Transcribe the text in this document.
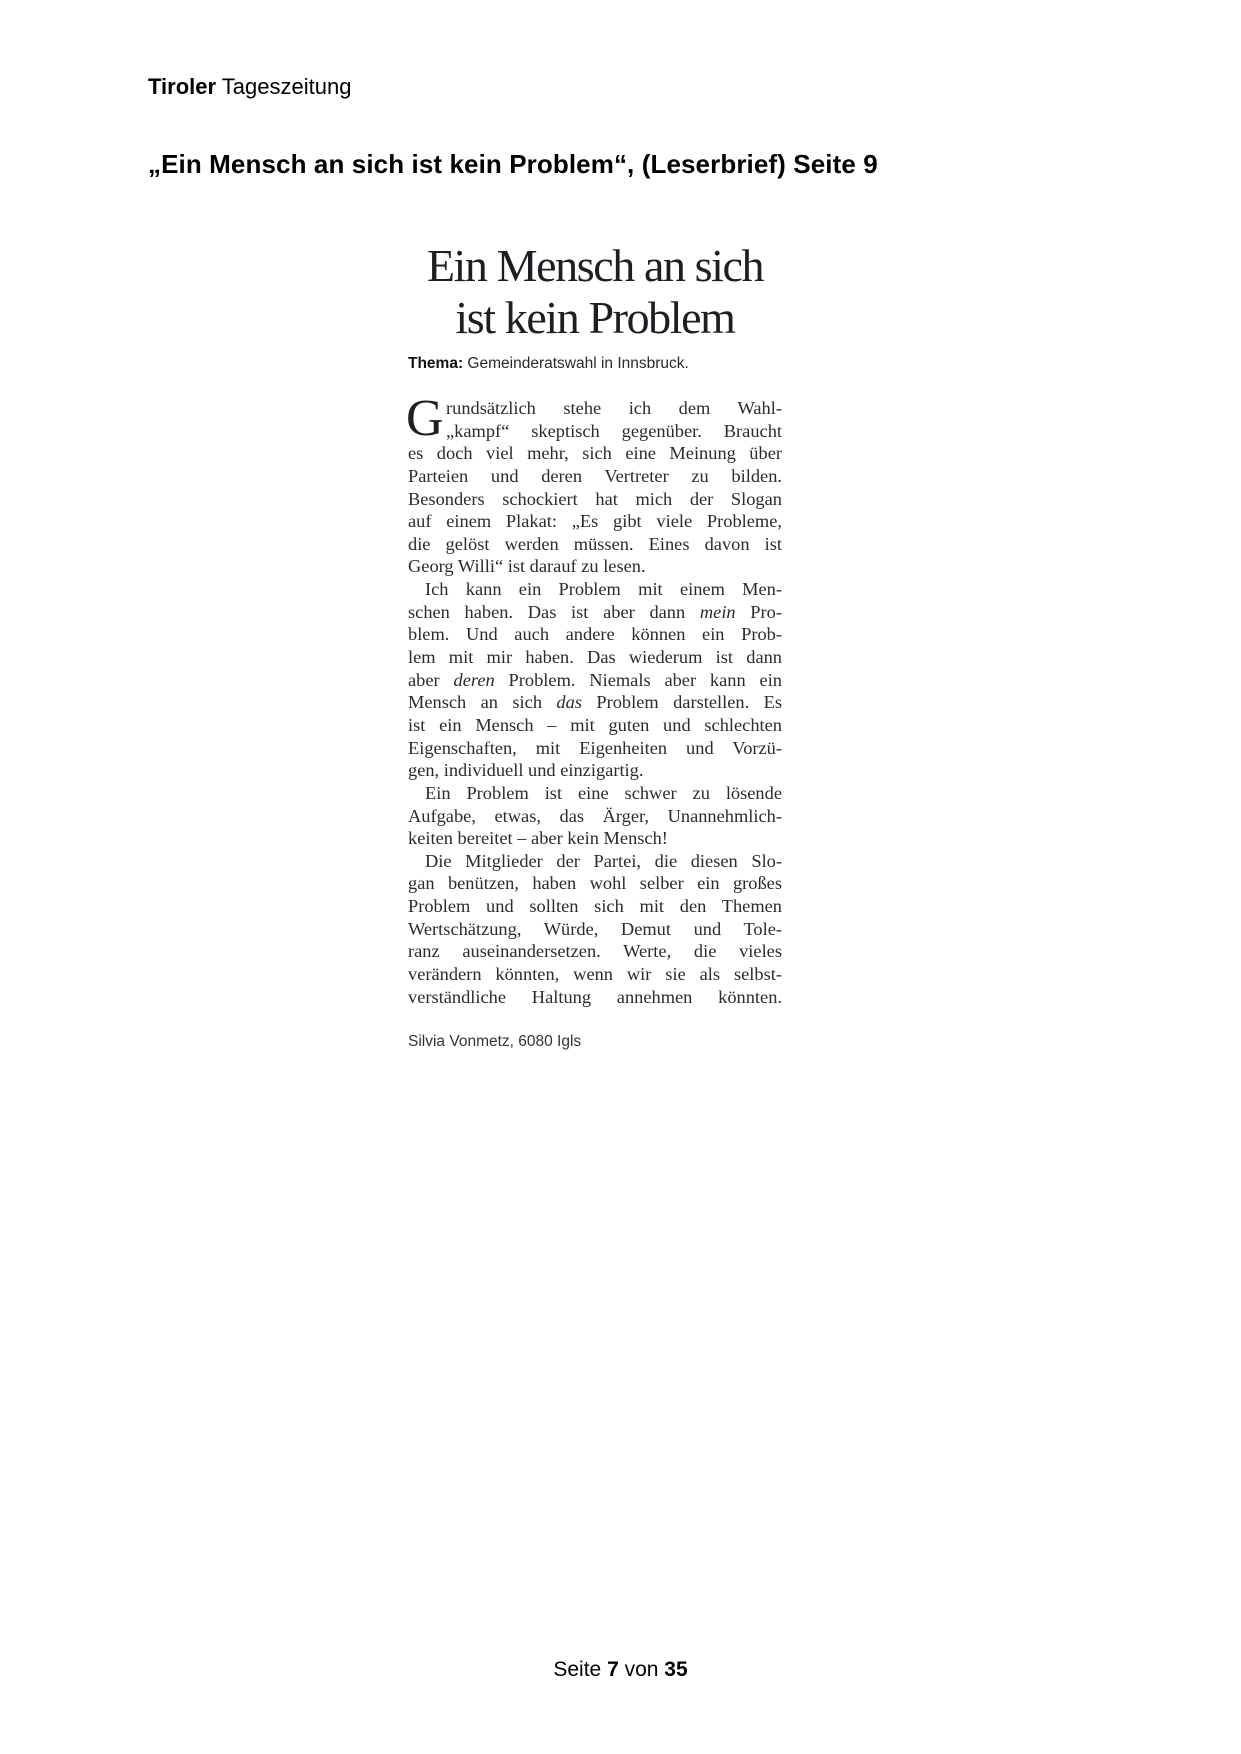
Tiroler Tageszeitung
„Ein Mensch an sich ist kein Problem“, (Leserbrief) Seite 9
Ein Mensch an sich
ist kein Problem
Thema: Gemeinderatswahl in Innsbruck.
G rundsätzlich stehe ich dem Wahl-
„kampf“ skeptisch gegenüber. Braucht
es doch viel mehr, sich eine Meinung über
Parteien und deren Vertreter zu bilden.
Besonders schockiert hat mich der Slogan
auf einem Plakat: „Es gibt viele Probleme,
die gelöst werden müssen. Eines davon ist
Georg Willi“ ist darauf zu lesen.
Ich kann ein Problem mit einem Men-
schen haben. Das ist aber dann mein Pro-
blem. Und auch andere können ein Prob-
lem mit mir haben. Das wiederum ist dann
aber deren Problem. Niemals aber kann ein
Mensch an sich das Problem darstellen. Es
ist ein Mensch – mit guten und schlechten
Eigenschaften, mit Eigenheiten und Vorzü-
gen, individuell und einzigartig.
Ein Problem ist eine schwer zu lösende
Aufgabe, etwas, das Ärger, Unannehmlich-
keiten bereitet – aber kein Mensch!
Die Mitglieder der Partei, die diesen Slo-
gan benützen, haben wohl selber ein großes
Problem und sollten sich mit den Themen
Wertschätzung, Würde, Demut und Tole-
ranz auseinandersetzen. Werte, die vieles
verändern könnten, wenn wir sie als selbst-
verständliche Haltung annehmen könnten.
Silvia Vonmetz, 6080 Igls
Seite 7 von 35
